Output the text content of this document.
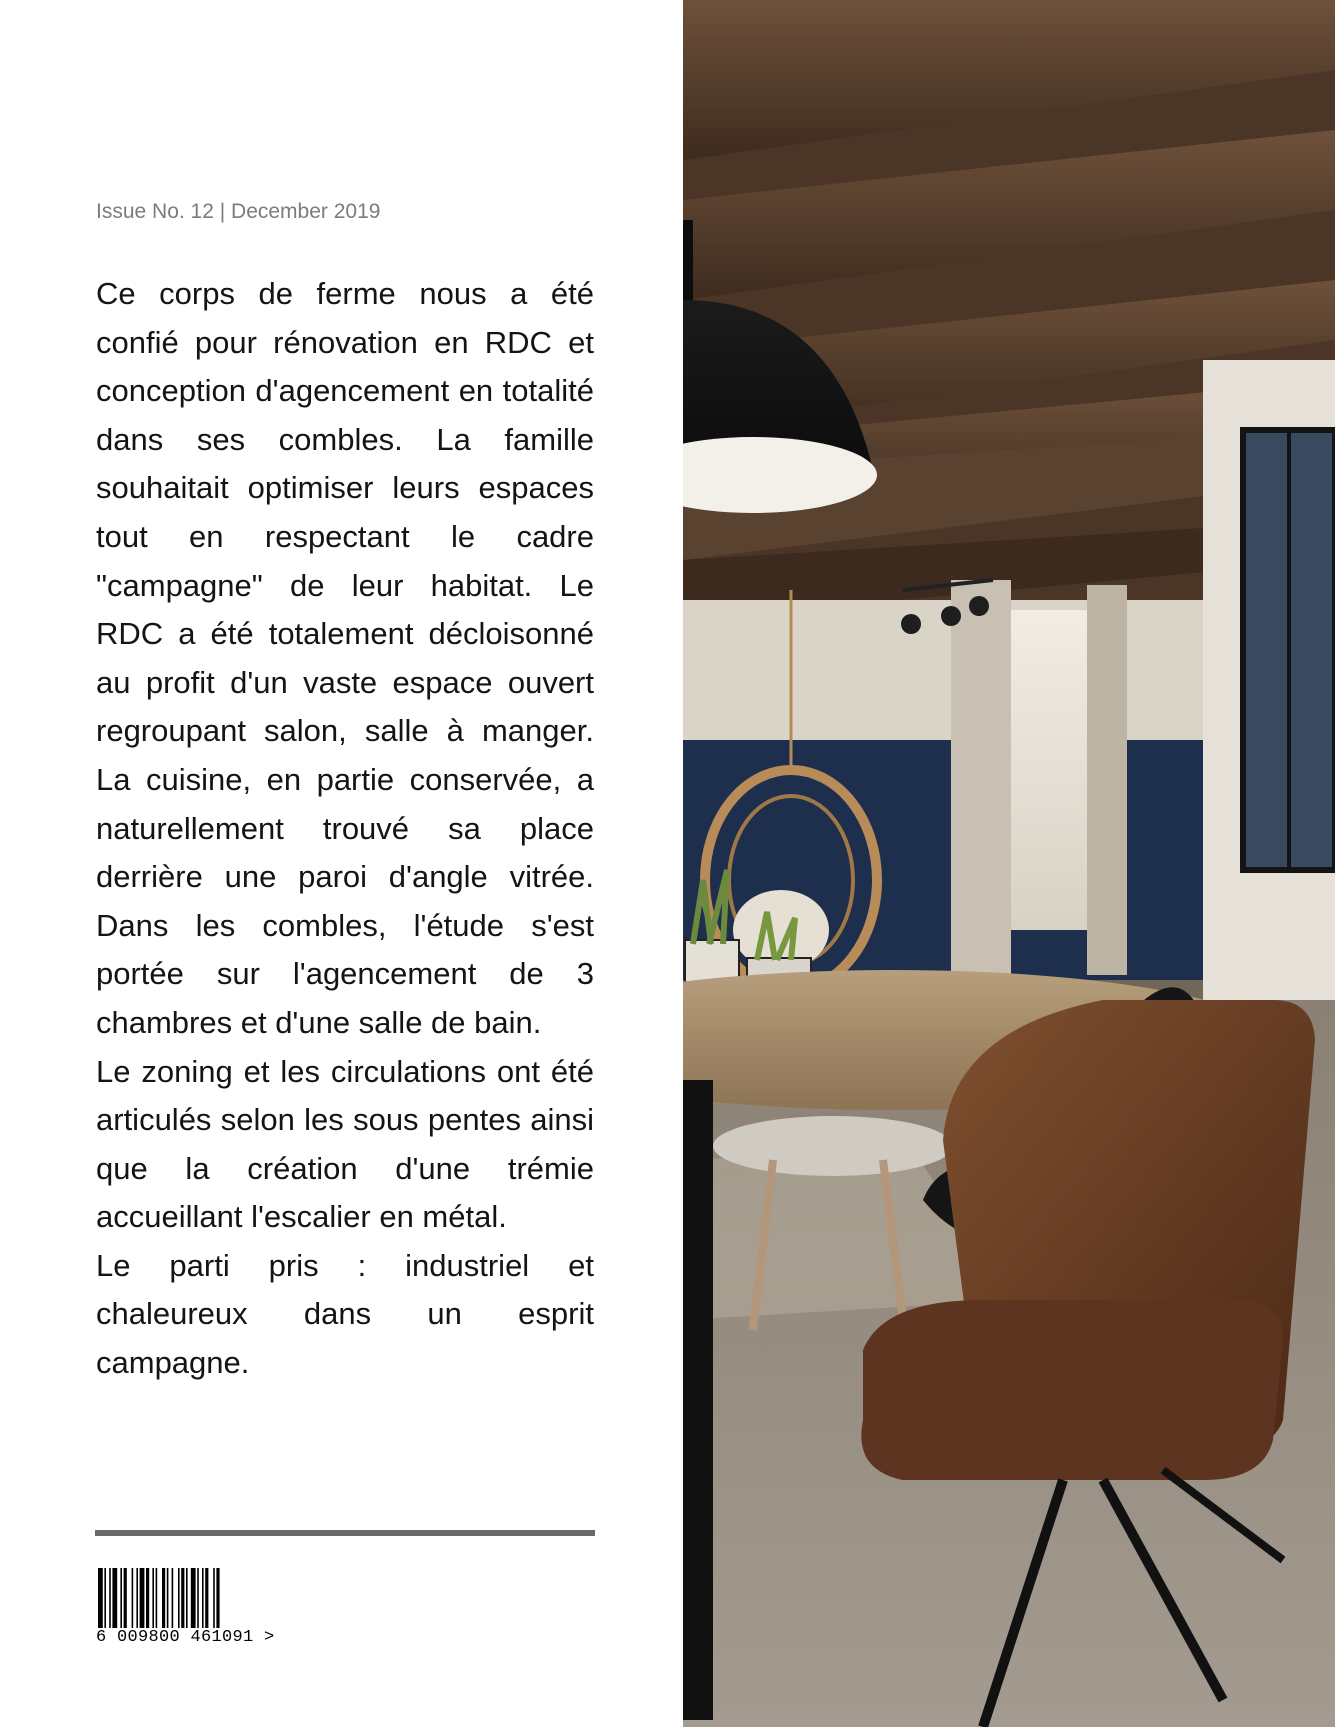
Issue No. 12 | December 2019

Ce corps de ferme nous a été confié pour rénovation en RDC et conception d'agencement en totalité dans ses combles. La famille souhaitait optimiser leurs espaces tout en respectant le cadre "campagne" de leur habitat. Le RDC a été totalement décloisonné au profit d'un vaste espace ouvert regroupant salon, salle à manger. La cuisine, en partie conservée, a naturellement trouvé sa place derrière une paroi d'angle vitrée. Dans les combles, l'étude s'est portée sur l'agencement de 3 chambres et d'une salle de bain.

Le zoning et les circulations ont été articulés selon les sous pentes ainsi que la création d'une trémie accueillant l'escalier en métal.

Le parti pris : industriel et chaleureux dans un esprit campagne.

6 009800 461091 >
